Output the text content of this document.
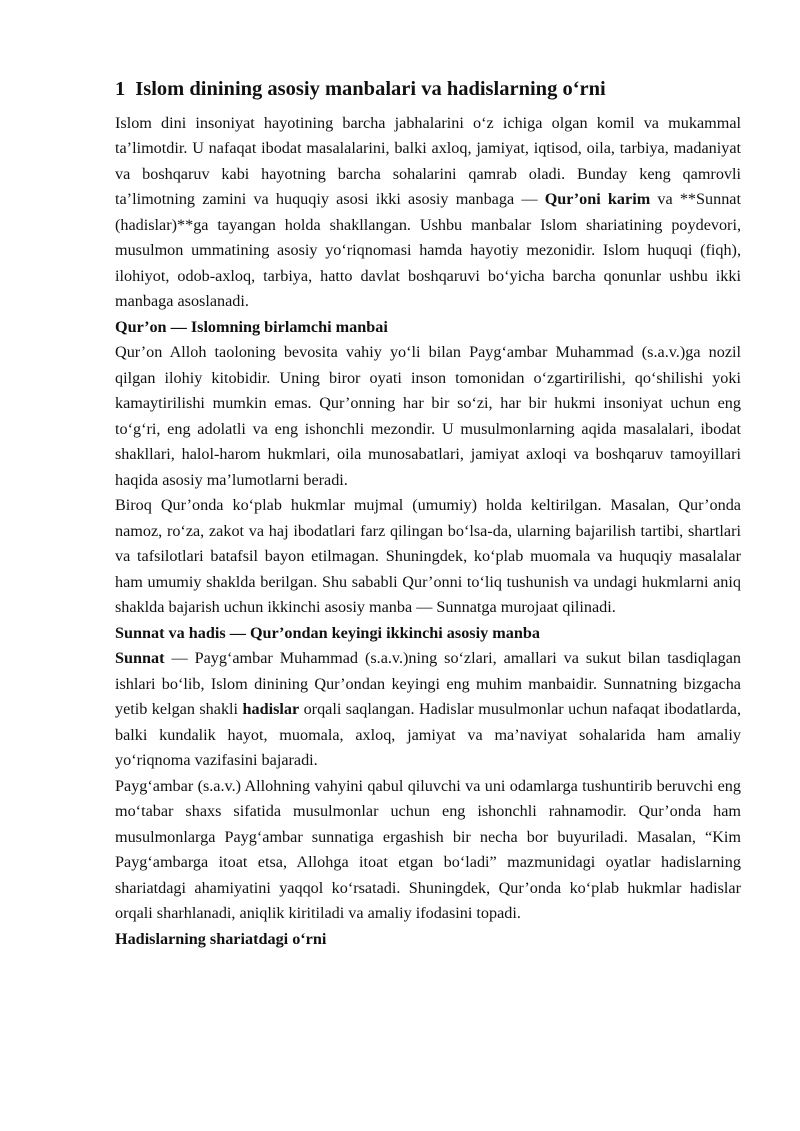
1 Islom dinining asosiy manbalari va hadislarning o‘rni

Islom dini insoniyat hayotining barcha jabhalarini o‘z ichiga olgan komil va mukammal ta’limotdir. U nafaqat ibodat masalalarini, balki axloq, jamiyat, iqtisod, oila, tarbiya, madaniyat va boshqaruv kabi hayotning barcha sohalarini qamrab oladi. Bunday keng qamrovli ta’limotning zamini va huquqiy asosi ikki asosiy manbaga — Qur’oni karim va **Sunnat (hadislar)**ga tayangan holda shakllangan. Ushbu manbalar Islom shariatining poydevori, musulmon ummatining asosiy yo‘riqnomasi hamda hayotiy mezonidir. Islom huquqi (fiqh), ilohiyot, odob-axloq, tarbiya, hatto davlat boshqaruvi bo‘yicha barcha qonunlar ushbu ikki manbaga asoslanadi.

Qur’on — Islomning birlamchi manbai

Qur’on Alloh taoloning bevosita vahiy yo‘li bilan Payg‘ambar Muhammad (s.a.v.)ga nozil qilgan ilohiy kitobidir. Uning biror oyati inson tomonidan o‘zgartirilishi, qo‘shilishi yoki kamaytirilishi mumkin emas. Qur’onning har bir so‘zi, har bir hukmi insoniyat uchun eng to‘g‘ri, eng adolatli va eng ishonchli mezondir. U musulmonlarning aqida masalalari, ibodat shakllari, halol-harom hukmlari, oila munosabatlari, jamiyat axloqi va boshqaruv tamoyillari haqida asosiy ma’lumotlarni beradi.

Biroq Qur’onda ko‘plab hukmlar mujmal (umumiy) holda keltirilgan. Masalan, Qur’onda namoz, ro‘za, zakot va haj ibodatlari farz qilingan bo‘lsa-da, ularning bajarilish tartibi, shartlari va tafsilotlari batafsil bayon etilmagan. Shuningdek, ko‘plab muomala va huquqiy masalalar ham umumiy shaklda berilgan. Shu sababli Qur’onni to‘liq tushunish va undagi hukmlarni aniq shaklda bajarish uchun ikkinchi asosiy manba — Sunnatga murojaat qilinadi.

Sunnat va hadis — Qur’ondan keyingi ikkinchi asosiy manba

Sunnat — Payg‘ambar Muhammad (s.a.v.)ning so‘zlari, amallari va sukut bilan tasdiqlagan ishlari bo‘lib, Islom dinining Qur’ondan keyingi eng muhim manbaidir. Sunnatning bizgacha yetib kelgan shakli hadislar orqali saqlangan. Hadislar musulmonlar uchun nafaqat ibodatlarda, balki kundalik hayot, muomala, axloq, jamiyat va ma’naviyat sohalarida ham amaliy yo‘riqnoma vazifasini bajaradi.

Payg‘ambar (s.a.v.) Allohning vahyini qabul qiluvchi va uni odamlarga tushuntirib beruvchi eng mo‘tabar shaxs sifatida musulmonlar uchun eng ishonchli rahnamodir. Qur’onda ham musulmonlarga Payg‘ambar sunnatiga ergashish bir necha bor buyuriladi. Masalan, “Kim Payg‘ambarga itoat etsa, Allohga itoat etgan bo‘ladi” mazmunidagi oyatlar hadislarning shariatdagi ahamiyatini yaqqol ko‘rsatadi. Shuningdek, Qur’onda ko‘plab hukmlar hadislar orqali sharhlanadi, aniqlik kiritiladi va amaliy ifodasini topadi.

Hadislarning shariatdagi o‘rni
